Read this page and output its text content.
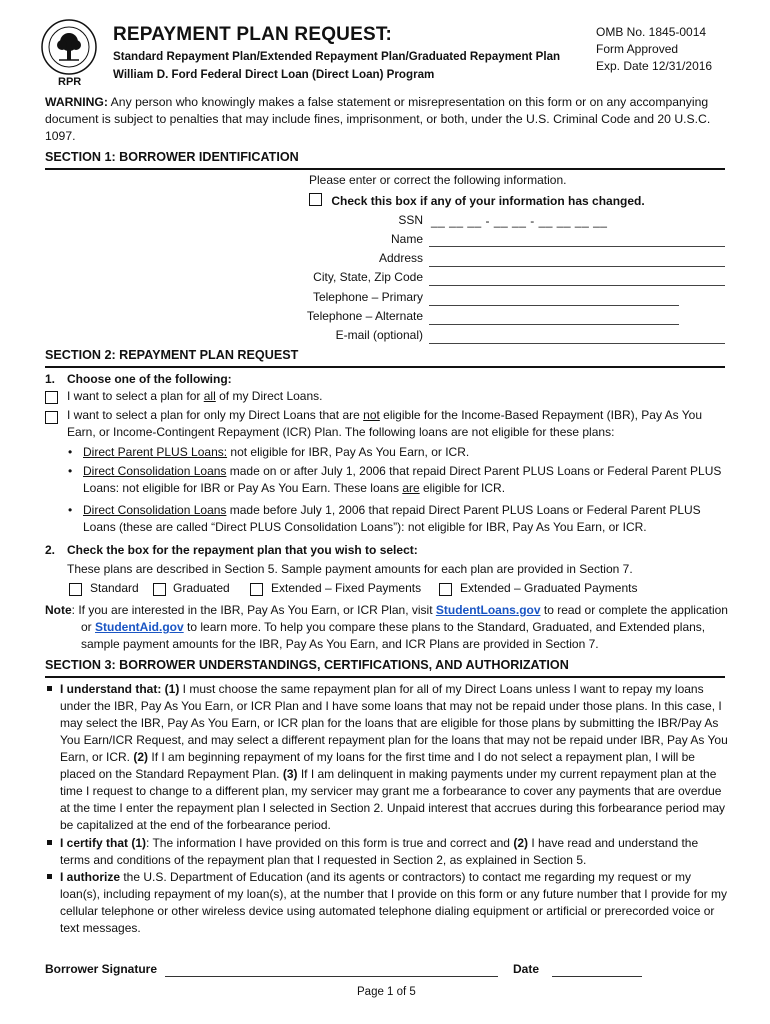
RPR
REPAYMENT PLAN REQUEST:
Standard Repayment Plan/Extended Repayment Plan/Graduated Repayment Plan
William D. Ford Federal Direct Loan (Direct Loan) Program
OMB No. 1845-0014
Form Approved
Exp. Date 12/31/2016
WARNING: Any person who knowingly makes a false statement or misrepresentation on this form or on any accompanying document is subject to penalties that may include fines, imprisonment, or both, under the U.S. Criminal Code and 20 U.S.C. 1097.
SECTION 1: BORROWER IDENTIFICATION
Please enter or correct the following information.
Check this box if any of your information has changed.
SSN __ __ __ - __ __ - __ __ __ __
Name
Address
City, State, Zip Code
Telephone – Primary
Telephone – Alternate
E-mail (optional)
SECTION 2: REPAYMENT PLAN REQUEST
1. Choose one of the following:
I want to select a plan for all of my Direct Loans.
I want to select a plan for only my Direct Loans that are not eligible for the Income-Based Repayment (IBR), Pay As You Earn, or Income-Contingent Repayment (ICR) Plan. The following loans are not eligible for these plans:
• Direct Parent PLUS Loans: not eligible for IBR, Pay As You Earn, or ICR.
• Direct Consolidation Loans made on or after July 1, 2006 that repaid Direct Parent PLUS Loans or Federal Parent PLUS Loans: not eligible for IBR or Pay As You Earn. These loans are eligible for ICR.
• Direct Consolidation Loans made before July 1, 2006 that repaid Direct Parent PLUS Loans or Federal Parent PLUS Loans (these are called “Direct PLUS Consolidation Loans”): not eligible for IBR, Pay As You Earn, or ICR.
2. Check the box for the repayment plan that you wish to select:
These plans are described in Section 5. Sample payment amounts for each plan are provided in Section 7.
Standard	Graduated	Extended – Fixed Payments	Extended – Graduated Payments
Note: If you are interested in the IBR, Pay As You Earn, or ICR Plan, visit StudentLoans.gov to read or complete the application or StudentAid.gov to learn more. To help you compare these plans to the Standard, Graduated, and Extended plans, sample payment amounts for the IBR, Pay As You Earn, and ICR Plans are provided in Section 7.
SECTION 3: BORROWER UNDERSTANDINGS, CERTIFICATIONS, AND AUTHORIZATION
I understand that: (1) I must choose the same repayment plan for all of my Direct Loans unless I want to repay my loans under the IBR, Pay As You Earn, or ICR Plan and I have some loans that may not be repaid under those plans. In this case, I may select the IBR, Pay As You Earn, or ICR plan for the loans that are eligible for those plans by submitting the IBR/Pay As You Earn/ICR Request, and may select a different repayment plan for the loans that may not be repaid under IBR, Pay As You Earn, or ICR. (2) If I am beginning repayment of my loans for the first time and I do not select a repayment plan, I will be placed on the Standard Repayment Plan. (3) If I am delinquent in making payments under my current repayment plan at the time I request to change to a different plan, my servicer may grant me a forbearance to cover any payments that are overdue at the time I enter the repayment plan I selected in Section 2. Unpaid interest that accrues during this forbearance period may be capitalized at the end of the forbearance period.
I certify that (1): The information I have provided on this form is true and correct and (2) I have read and understand the terms and conditions of the repayment plan that I requested in Section 2, as explained in Section 5.
I authorize the U.S. Department of Education (and its agents or contractors) to contact me regarding my request or my loan(s), including repayment of my loan(s), at the number that I provide on this form or any future number that I provide for my cellular telephone or other wireless device using automated telephone dialing equipment or artificial or prerecorded voice or text messages.
Borrower Signature	Date
Page 1 of 5
